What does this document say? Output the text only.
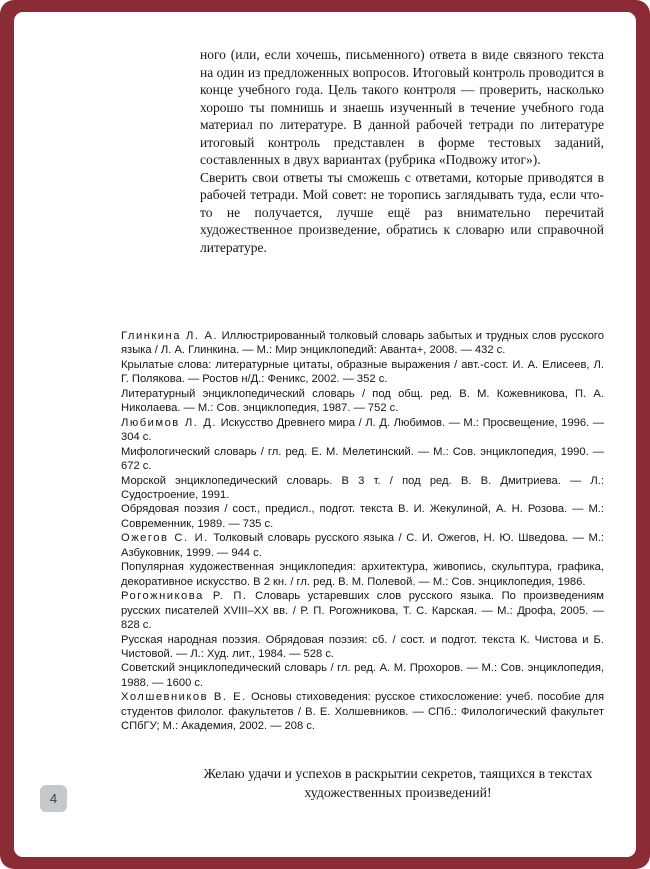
ного (или, если хочешь, письменного) ответа в виде связного текста на один из предложенных вопросов. Итоговый контроль проводится в конце учебного года. Цель такого контроля — проверить, насколько хорошо ты помнишь и знаешь изученный в течение учебного года материал по литературе. В данной рабочей тетради по литературе итоговый контроль представлен в форме тестовых заданий, составленных в двух вариантах (рубрика «Подвожу итог»).

Сверить свои ответы ты сможешь с ответами, которые приводятся в рабочей тетради. Мой совет: не торопись заглядывать туда, если что-то не получается, лучше ещё раз внимательно перечитай художественное произведение, обратись к словарю или справочной литературе.

Глинкина Л. А. Иллюстрированный толковый словарь забытых и трудных слов русского языка / Л. А. Глинкина. — М.: Мир энциклопедий: Аванта+, 2008. — 432 с.

Крылатые слова: литературные цитаты, образные выражения / авт.-сост. И. А. Елисеев, Л. Г. Полякова. — Ростов н/Д.: Феникс, 2002. — 352 с.

Литературный энциклопедический словарь / под общ. ред. В. М. Кожевникова, П. А. Николаева. — М.: Сов. энциклопедия, 1987. — 752 с.

Любимов Л. Д. Искусство Древнего мира / Л. Д. Любимов. — М.: Просвещение, 1996. — 304 с.

Мифологический словарь / гл. ред. Е. М. Мелетинский. — М.: Сов. энциклопедия, 1990. — 672 с.

Морской энциклопедический словарь. В 3 т. / под ред. В. В. Дмитриева. — Л.: Судостроение, 1991.

Обрядовая поэзия / сост., предисл., подгот. текста В. И. Жекулиной, А. Н. Розова. — М.: Современник, 1989. — 735 с.

Ожегов С. И. Толковый словарь русского языка / С. И. Ожегов, Н. Ю. Шведова. — М.: Азбуковник, 1999. — 944 с.

Популярная художественная энциклопедия: архитектура, живопись, скульптура, графика, декоративное искусство. В 2 кн. / гл. ред. В. М. Полевой. — М.: Сов. энциклопедия, 1986.

Рогожникова Р. П. Словарь устаревших слов русского языка. По произведениям русских писателей XVIII–XX вв. / Р. П. Рогожникова, Т. С. Карская. — М.: Дрофа, 2005. — 828 с.

Русская народная поэзия. Обрядовая поэзия: сб. / сост. и подгот. текста К. Чистова и Б. Чистовой. — Л.: Худ. лит., 1984. — 528 с.

Советский энциклопедический словарь / гл. ред. А. М. Прохоров. — М.: Сов. энциклопедия, 1988. — 1600 с.

Холшевников В. Е. Основы стиховедения: русское стихосложение: учеб. пособие для студентов филолог. факультетов / В. Е. Холшевников. — СПб.: Филологический факультет СПбГУ; М.: Академия, 2002. — 208 с.

Желаю удачи и успехов в раскрытии секретов, таящихся в текстах художественных произведений!
4
